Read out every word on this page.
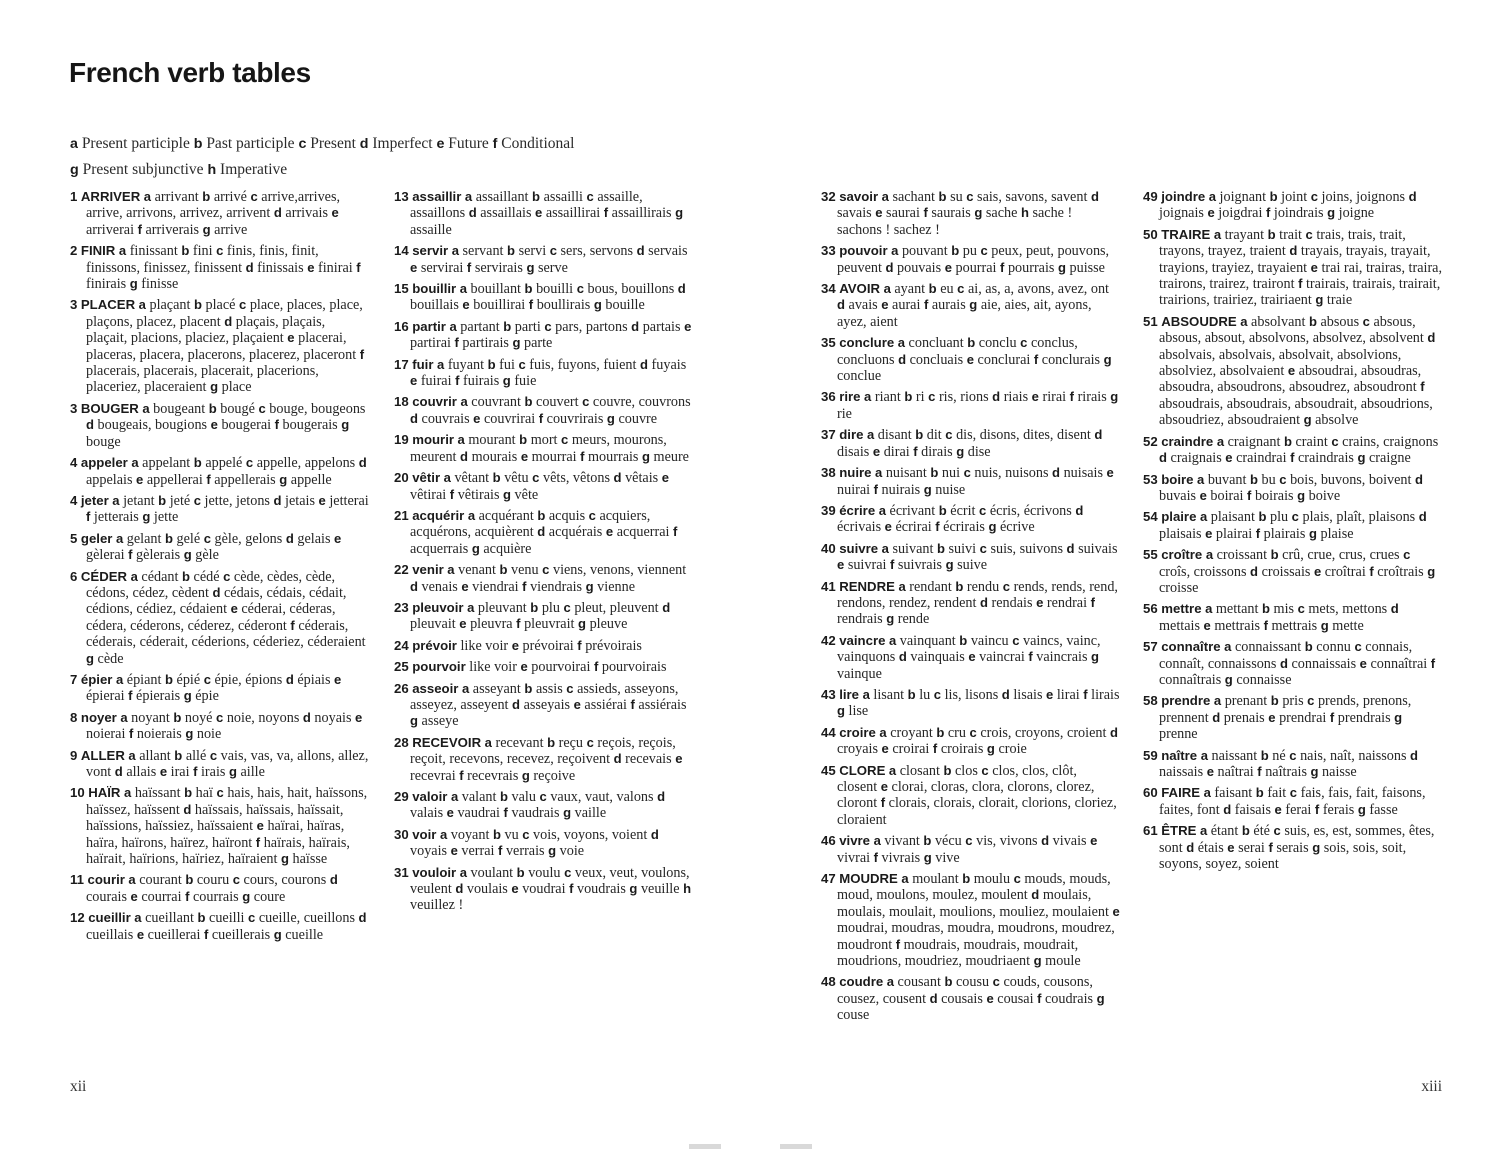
French verb tables
a Present participle b Past participle c Present d Imperfect e Future f Conditional
g Present subjunctive h Imperative
1 ARRIVER a arrivant b arrivé c arrive,arrives, arrive, arrivons, arrivez, arrivent d arrivais e arriverai f arriverais g arrive
2 FINIR a finissant b fini c finis, finis, finit, finissons, finissez, finissent d finissais e finirai f finirais g finisse
3 PLACER a plaçant b placé c place, places, place, plaçons, placez, placent d plaçais, plaçais, plaçait, placions, placiez, plaçaient e placerai, placeras, placera, placerons, placerez, placeront f placerais, placerais, placerait, placerions, placeriez, placeraient g place
3 BOUGER a bougeant b bougé c bouge, bougeons d bougeais, bougions e bougerai f bougerais g bouge
4 appeler a appelant b appelé c appelle, appelons d appelais e appellerai f appellerais g appelle
4 jeter a jetant b jeté c jette, jetons d jetais e jetterai f jetterais g jette
5 geler a gelant b gelé c gèle, gelons d gelais e gèlerai f gèlerais g gèle
6 CÉDER a cédant b cédé c cède, cèdes, cède, cédons, cédez, cèdent d cédais, cédais, cédait, cédions, cédiez, cédaient e céderai, céderas, cédera, céderons, céderez, céderont f céderais, céderais, céderait, céderions, céderiez, céderaient g cède
7 épier a épiant b épié c épie, épions d épiais e épierai f épierais g épie
8 noyer a noyant b noyé c noie, noyons d noyais e noierai f noierais g noie
9 ALLER a allant b allé c vais, vas, va, allons, allez, vont d allais e irai f irais g aille
10 HAÏR a haïssant b haï c hais, hais, hait, haïssons, haïssez, haïssent d haïssais, haïssais, haïssait, haïssions, haïssiez, haïssaient e haïrai, haïras, haïra, haïrons, haïrez, haïront f haïrais, haïrais, haïrait, haïrions, haïriez, haïraient g haïsse
11 courir a courant b couru c cours, courons d courais e courrai f courrais g coure
12 cueillir a cueillant b cueilli c cueille, cueillons d cueillais e cueillerai f cueillerais g cueille
13 assaillir a assaillant b assailli c assaille, assaillons d assaillais e assaillirai f assaillirais g assaille
14 servir a servant b servi c sers, servons d servais e servirai f servirais g serve
15 bouillir a bouillant b bouilli c bous, bouillons d bouillais e bouillirai f boullirais g bouille
16 partir a partant b parti c pars, partons d partais e partirai f partirais g parte
17 fuir a fuyant b fui c fuis, fuyons, fuient d fuyais e fuirai f fuirais g fuie
18 couvrir a couvrant b couvert c couvre, couvrons d couvrais e couvrirai f couvrirais g couvre
19 mourir a mourant b mort c meurs, mourons, meurent d mourais e mourrai f mourrais g meure
20 vêtir a vêtant b vêtu c vêts, vêtons d vêtais e vêtirai f vêtirais g vête
21 acquérir a acquérant b acquis c acquiers, acquérons, acquièrent d acquérais e acquerrai f acquerrais g acquière
22 venir a venant b venu c viens, venons, viennent d venais e viendrai f viendrais g vienne
23 pleuvoir a pleuvant b plu c pleut, pleuvent d pleuvait e pleuvra f pleuvrait g pleuve
24 prévoir like voir e prévoirai f prévoirais
25 pourvoir like voir e pourvoirai f pourvoirais
26 asseoir a asseyant b assis c assieds, asseyons, asseyez, asseyent d asseyais e assiérai f assiérais g asseye
28 RECEVOIR a recevant b reçu c reçois, reçois, reçoit, recevons, recevez, reçoivent d recevais e recevrai f recevrais g reçoive
29 valoir a valant b valu c vaux, vaut, valons d valais e vaudrai f vaudrais g vaille
30 voir a voyant b vu c vois, voyons, voient d voyais e verrai f verrais g voie
31 vouloir a voulant b voulu c veux, veut, voulons, veulent d voulais e voudrai f voudrais g veuille h veuillez !
32 savoir a sachant b su c sais, savons, savent d savais e saurai f saurais g sache h sache ! sachons ! sachez !
33 pouvoir a pouvant b pu c peux, peut, pouvons, peuvent d pouvais e pourrai f pourrais g puisse
34 AVOIR a ayant b eu c ai, as, a, avons, avez, ont d avais e aurai f aurais g aie, aies, ait, ayons, ayez, aient
35 conclure a concluant b conclu c conclus, concluons d concluais e conclurai f conclurais g conclue
36 rire a riant b ri c ris, rions d riais e rirai f rirais g rie
37 dire a disant b dit c dis, disons, dites, disent d disais e dirai f dirais g dise
38 nuire a nuisant b nui c nuis, nuisons d nuisais e nuirai f nuirais g nuise
39 écrire a écrivant b écrit c écris, écrivons d écrivais e écrirai f écrirais g écrive
40 suivre a suivant b suivi c suis, suivons d suivais e suivrai f suivrais g suive
41 RENDRE a rendant b rendu c rends, rends, rend, rendons, rendez, rendent d rendais e rendrai f rendrais g rende
42 vaincre a vainquant b vaincu c vaincs, vainc, vainquons d vainquais e vaincrai f vaincrais g vainque
43 lire a lisant b lu c lis, lisons d lisais e lirai f lirais g lise
44 croire a croyant b cru c crois, croyons, croient d croyais e croirai f croirais g croie
45 CLORE a closant b clos c clos, clos, clôt, closent e clorai, cloras, clora, clorons, clorez, cloront f clorais, clorais, clorait, clorions, cloriez, cloraient
46 vivre a vivant b vécu c vis, vivons d vivais e vivrai f vivrais g vive
47 MOUDRE a moulant b moulu c mouds, mouds, moud, moulons, moulez, moulent d moulais, moulais, moulait, moulions, mouliez, moulaient e moudrai, moudras, moudra, moudrons, moudrez, moudront f moudrais, moudrais, moudrait, moudrions, moudriez, moudriaent g moule
48 coudre a cousant b cousu c couds, cousons, cousez, cousent d cousais e cousai f coudrais g couse
49 joindre a joignant b joint c joins, joignons d joignais e joigdrai f joindrais g joigne
50 TRAIRE a trayant b trait c trais, trais, trait, trayons, trayez, traient d trayais, trayais, trayait, trayions, trayiez, trayaient e trai rai, trairas, traira, trairons, trairez, trairont f trairais, trairais, trairait, trairions, trairiez, trairiaent g traie
51 ABSOUDRE a absolvant b absous c absous, absous, absout, absolvons, absolvez, absolvent d absolvais, absolvais, absolvait, absolvions, absolviez, absolvaient e absoudrai, absoudras, absoudra, absoudrons, absoudrez, absoudront f absoudrais, absoudrais, absoudrait, absoudrions, absoudriez, absoudraient g absolve
52 craindre a craignant b craint c crains, craignons d craignais e craindrai f craindrais g craigne
53 boire a buvant b bu c bois, buvons, boivent d buvais e boirai f boirais g boive
54 plaire a plaisant b plu c plais, plaît, plaisons d plaisais e plairai f plairais g plaise
55 croître a croissant b crû, crue, crus, crues c croîs, croissons d croissais e croîtrai f croîtrais g croisse
56 mettre a mettant b mis c mets, mettons d mettais e mettrais f mettrais g mette
57 connaître a connaissant b connu c connais, connaît, connaissons d connaissais e connaîtrai f connaîtrais g connaisse
58 prendre a prenant b pris c prends, prenons, prennent d prenais e prendrai f prendrais g prenne
59 naître a naissant b né c nais, naît, naissons d naissais e naîtrai f naîtrais g naisse
60 FAIRE a faisant b fait c fais, fais, fait, faisons, faites, font d faisais e ferai f ferais g fasse
61 ÊTRE a étant b été c suis, es, est, sommes, êtes, sont d étais e serai f serais g sois, sois, soit, soyons, soyez, soient
xii	xiii
